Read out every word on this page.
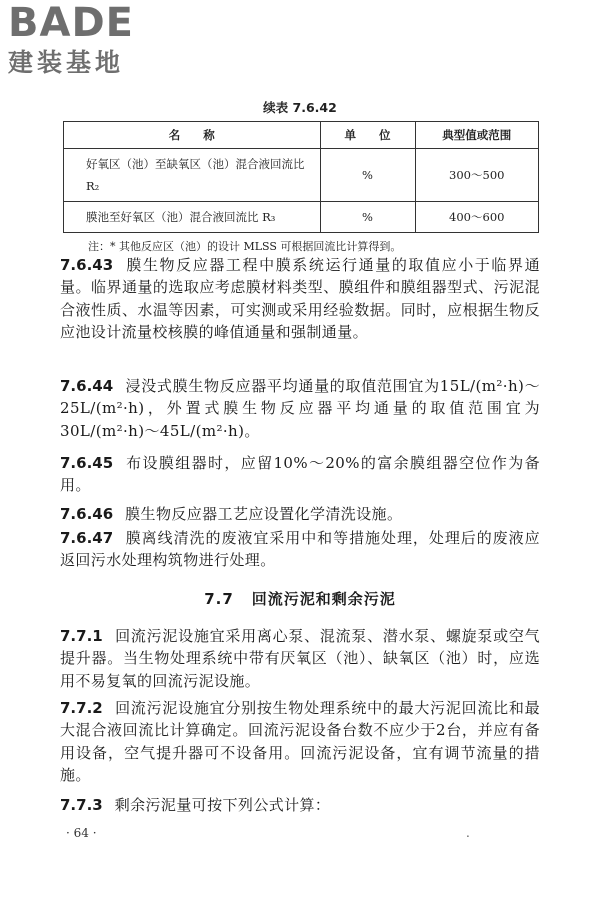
BADE
建装基地
续表 7.6.42
名　　称	单　　位	典型值或范围
好氧区（池）至缺氧区（池）混合液回流比 R₂	%	300～500
膜池至好氧区（池）混合液回流比 R₃	%	400～600
注：* 其他反应区（池）的设计 MLSS 可根据回流比计算得到。

7.6.43 膜生物反应器工程中膜系统运行通量的取值应小于临界通量。临界通量的选取应考虑膜材料类型、膜组件和膜组器型式、污泥混合液性质、水温等因素，可实测或采用经验数据。同时，应根据生物反应池设计流量校核膜的峰值通量和强制通量。

7.6.44 浸没式膜生物反应器平均通量的取值范围宜为15L/(m²·h)～25L/(m²·h)，外置式膜生物反应器平均通量的取值范围宜为30L/(m²·h)～45L/(m²·h)。

7.6.45 布设膜组器时，应留10%～20%的富余膜组器空位作为备用。

7.6.46 膜生物反应器工艺应设置化学清洗设施。

7.6.47 膜离线清洗的废液宜采用中和等措施处理，处理后的废液应返回污水处理构筑物进行处理。

7.7 回流污泥和剩余污泥

7.7.1 回流污泥设施宜采用离心泵、混流泵、潜水泵、螺旋泵或空气提升器。当生物处理系统中带有厌氧区（池）、缺氧区（池）时，应选用不易复氧的回流污泥设施。

7.7.2 回流污泥设施宜分别按生物处理系统中的最大污泥回流比和最大混合液回流比计算确定。回流污泥设备台数不应少于2台，并应有备用设备，空气提升器可不设备用。回流污泥设备，宜有调节流量的措施。

7.7.3 剩余污泥量可按下列公式计算：

· 64 ·	.
